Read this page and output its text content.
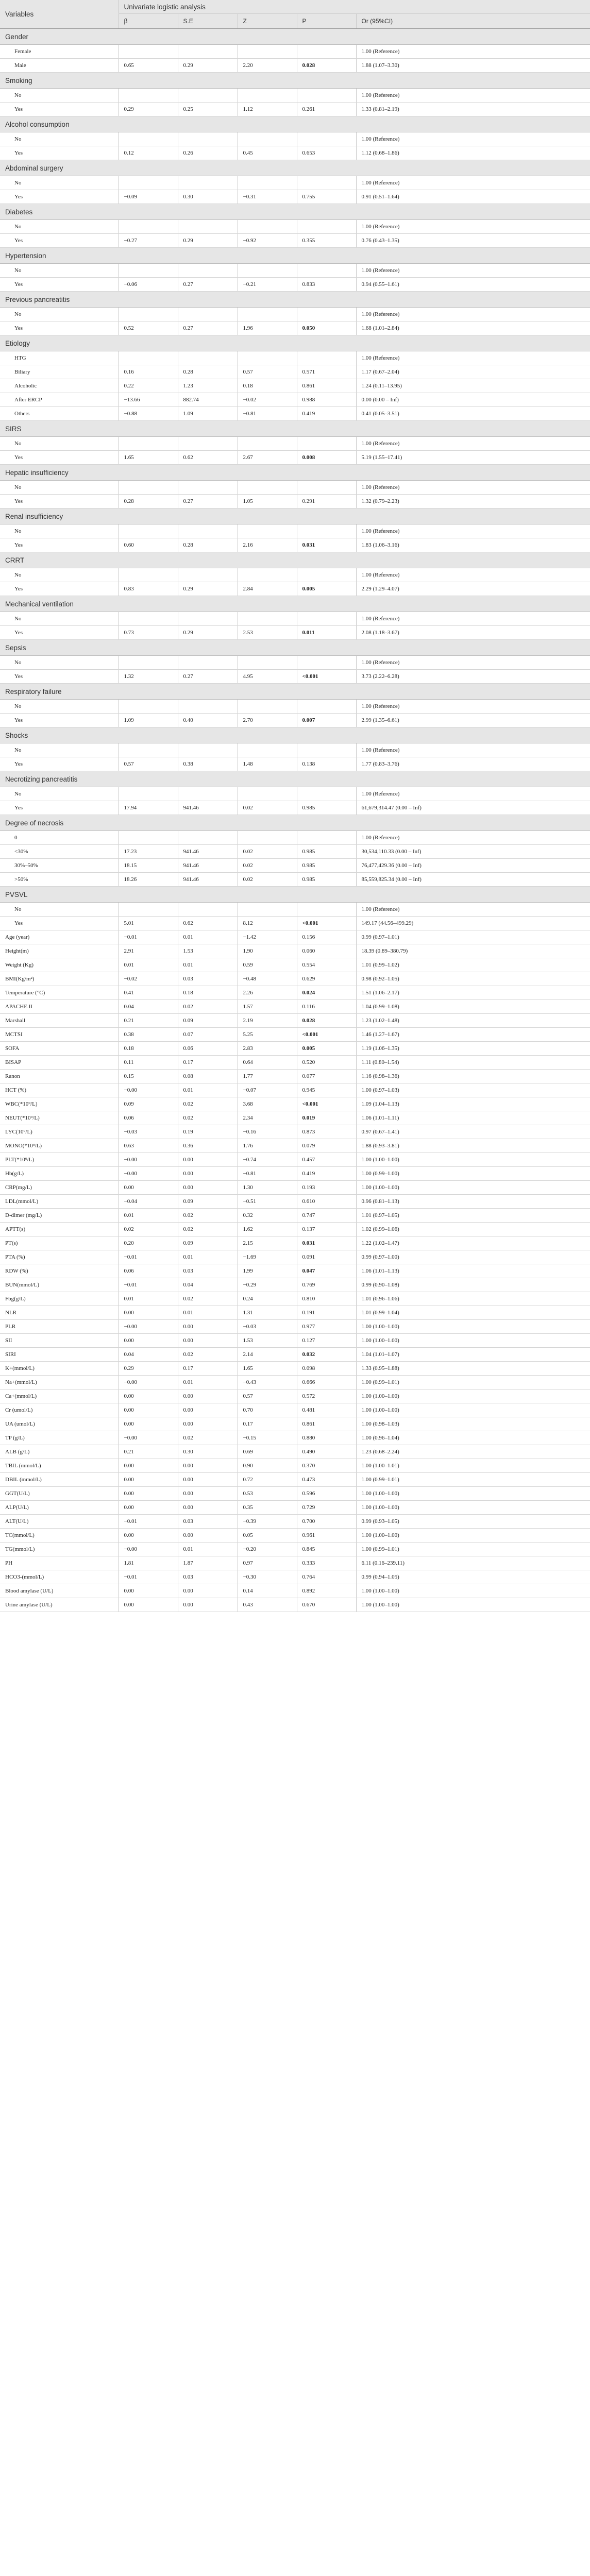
Variables	Univariate logistic analysis				
	β	S.E	Z	P	Or (95%CI)
Gender					
Female					1.00 (Reference)
Male	0.65	0.29	2.20	0.028	1.88 (1.07–3.30)
Smoking					
No					1.00 (Reference)
Yes	0.29	0.25	1.12	0.261	1.33 (0.81–2.19)
Alcohol consumption					
No					1.00 (Reference)
Yes	0.12	0.26	0.45	0.653	1.12 (0.68–1.86)
Abdominal surgery					
No					1.00 (Reference)
Yes	−0.09	0.30	−0.31	0.755	0.91 (0.51–1.64)
Diabetes					
No					1.00 (Reference)
Yes	−0.27	0.29	−0.92	0.355	0.76 (0.43–1.35)
Hypertension					
No					1.00 (Reference)
Yes	−0.06	0.27	−0.21	0.833	0.94 (0.55–1.61)
Previous pancreatitis					
No					1.00 (Reference)
Yes	0.52	0.27	1.96	0.050	1.68 (1.01–2.84)
Etiology					
HTG					1.00 (Reference)
Biliary	0.16	0.28	0.57	0.571	1.17 (0.67–2.04)
Alcoholic	0.22	1.23	0.18	0.861	1.24 (0.11–13.95)
After ERCP	−13.66	882.74	−0.02	0.988	0.00 (0.00 – Inf)
Others	−0.88	1.09	−0.81	0.419	0.41 (0.05–3.51)
SIRS					
No					1.00 (Reference)
Yes	1.65	0.62	2.67	0.008	5.19 (1.55–17.41)
Hepatic insufficiency					
No					1.00 (Reference)
Yes	0.28	0.27	1.05	0.291	1.32 (0.79–2.23)
Renal insufficiency					
No					1.00 (Reference)
Yes	0.60	0.28	2.16	0.031	1.83 (1.06–3.16)
CRRT					
No					1.00 (Reference)
Yes	0.83	0.29	2.84	0.005	2.29 (1.29–4.07)
Mechanical ventilation					
No					1.00 (Reference)
Yes	0.73	0.29	2.53	0.011	2.08 (1.18–3.67)
Sepsis					
No					1.00 (Reference)
Yes	1.32	0.27	4.95	<0.001	3.73 (2.22–6.28)
Respiratory failure					
No					1.00 (Reference)
Yes	1.09	0.40	2.70	0.007	2.99 (1.35–6.61)
Shocks					
No					1.00 (Reference)
Yes	0.57	0.38	1.48	0.138	1.77 (0.83–3.76)
Necrotizing pancreatitis					
No					1.00 (Reference)
Yes	17.94	941.46	0.02	0.985	61,679,314.47 (0.00 – Inf)
Degree of necrosis					
0					1.00 (Reference)
<30%	17.23	941.46	0.02	0.985	30,534,110.33 (0.00 – Inf)
30%–50%	18.15	941.46	0.02	0.985	76,477,429.36 (0.00 – Inf)
>50%	18.26	941.46	0.02	0.985	85,559,825.34 (0.00 – Inf)
PVSVL					
No					1.00 (Reference)
Yes	5.01	0.62	8.12	<0.001	149.17 (44.56–499.29)
Age (year)	−0.01	0.01	−1.42	0.156	0.99 (0.97–1.01)
Height(m)	2.91	1.53	1.90	0.060	18.39 (0.89–380.79)
Weight (Kg)	0.01	0.01	0.59	0.554	1.01 (0.99–1.02)
BMI(Kg/m²)	−0.02	0.03	−0.48	0.629	0.98 (0.92–1.05)
Temperature (°C)	0.41	0.18	2.26	0.024	1.51 (1.06–2.17)
APACHE II	0.04	0.02	1.57	0.116	1.04 (0.99–1.08)
Marshall	0.21	0.09	2.19	0.028	1.23 (1.02–1.48)
MCTSI	0.38	0.07	5.25	<0.001	1.46 (1.27–1.67)
SOFA	0.18	0.06	2.83	0.005	1.19 (1.06–1.35)
BISAP	0.11	0.17	0.64	0.520	1.11 (0.80–1.54)
Ranon	0.15	0.08	1.77	0.077	1.16 (0.98–1.36)
HCT (%)	−0.00	0.01	−0.07	0.945	1.00 (0.97–1.03)
WBC(*10⁹/L)	0.09	0.02	3.68	<0.001	1.09 (1.04–1.13)
NEUT(*10⁹/L)	0.06	0.02	2.34	0.019	1.06 (1.01–1.11)
LYC(10⁹/L)	−0.03	0.19	−0.16	0.873	0.97 (0.67–1.41)
MONO(*10⁹/L)	0.63	0.36	1.76	0.079	1.88 (0.93–3.81)
PLT(*10⁹/L)	−0.00	0.00	−0.74	0.457	1.00 (1.00–1.00)
Hb(g/L)	−0.00	0.00	−0.81	0.419	1.00 (0.99–1.00)
CRP(mg/L)	0.00	0.00	1.30	0.193	1.00 (1.00–1.00)
LDL(mmol/L)	−0.04	0.09	−0.51	0.610	0.96 (0.81–1.13)
D-dimer (mg/L)	0.01	0.02	0.32	0.747	1.01 (0.97–1.05)
APTT(s)	0.02	0.02	1.62	0.137	1.02 (0.99–1.06)
PT(s)	0.20	0.09	2.15	0.031	1.22 (1.02–1.47)
PTA (%)	−0.01	0.01	−1.69	0.091	0.99 (0.97–1.00)
RDW (%)	0.06	0.03	1.99	0.047	1.06 (1.01–1.13)
BUN(mmol/L)	−0.01	0.04	−0.29	0.769	0.99 (0.90–1.08)
Fbg(g/L)	0.01	0.02	0.24	0.810	1.01 (0.96–1.06)
NLR	0.00	0.01	1.31	0.191	1.01 (0.99–1.04)
PLR	−0.00	0.00	−0.03	0.977	1.00 (1.00–1.00)
SII	0.00	0.00	1.53	0.127	1.00 (1.00–1.00)
SIRI	0.04	0.02	2.14	0.032	1.04 (1.01–1.07)
K+(mmol/L)	0.29	0.17	1.65	0.098	1.33 (0.95–1.88)
Na+(mmol/L)	−0.00	0.01	−0.43	0.666	1.00 (0.99–1.01)
Ca+(mmol/L)	0.00	0.00	0.57	0.572	1.00 (1.00–1.00)
Cr (umol/L)	0.00	0.00	0.70	0.481	1.00 (1.00–1.00)
UA (umol/L)	0.00	0.00	0.17	0.861	1.00 (0.98–1.03)
TP (g/L)	−0.00	0.02	−0.15	0.880	1.00 (0.96–1.04)
ALB (g/L)	0.21	0.30	0.69	0.490	1.23 (0.68–2.24)
TBIL (mmol/L)	0.00	0.00	0.90	0.370	1.00 (1.00–1.01)
DBIL (mmol/L)	0.00	0.00	0.72	0.473	1.00 (0.99–1.01)
GGT(U/L)	0.00	0.00	0.53	0.596	1.00 (1.00–1.00)
ALP(U/L)	0.00	0.00	0.35	0.729	1.00 (1.00–1.00)
ALT(U/L)	−0.01	0.03	−0.39	0.700	0.99 (0.93–1.05)
TC(mmol/L)	0.00	0.00	0.05	0.961	1.00 (1.00–1.00)
TG(mmol/L)	−0.00	0.01	−0.20	0.845	1.00 (0.99–1.01)
PH	1.81	1.87	0.97	0.333	6.11 (0.16–239.11)
HCO3-(mmol/L)	−0.01	0.03	−0.30	0.764	0.99 (0.94–1.05)
Blood amylase (U/L)	0.00	0.00	0.14	0.892	1.00 (1.00–1.00)
Urine amylase (U/L)	0.00	0.00	0.43	0.670	1.00 (1.00–1.00)
